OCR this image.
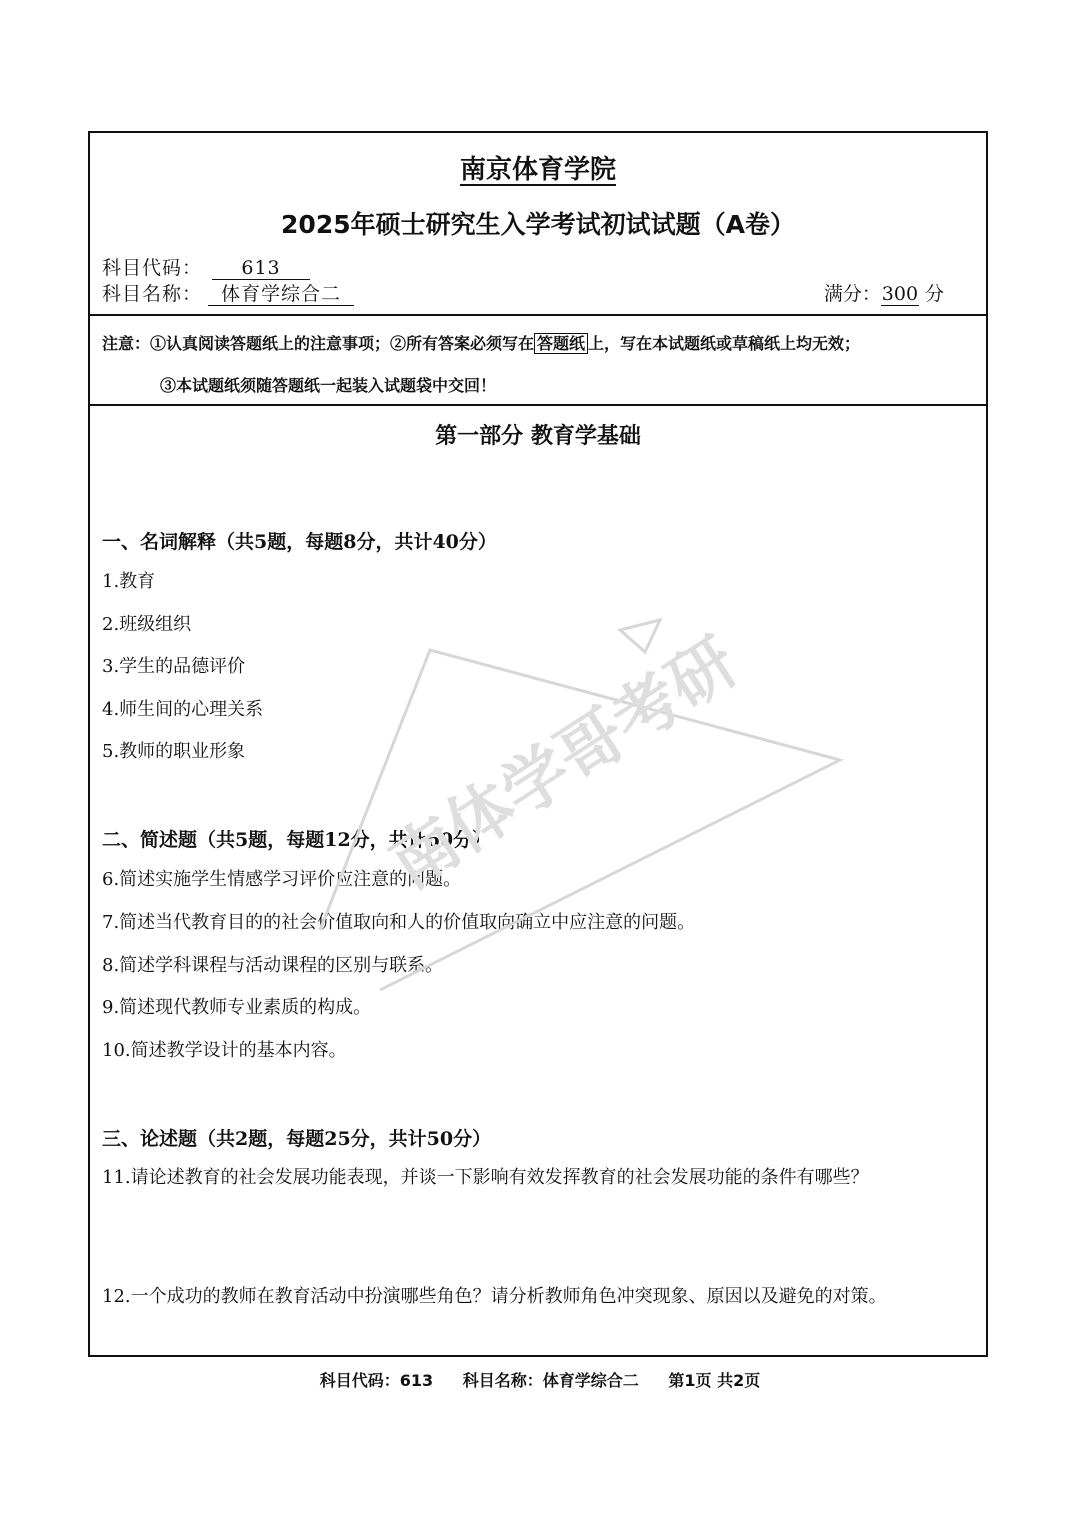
南京体育学院
2025年硕士研究生入学考试初试试题（A卷）
科目代码： 613
科目名称： 体育学综合二	满分：300 分
注意：①认真阅读答题纸上的注意事项；②所有答案必须写在 答题纸 上，写在本试题纸或草稿纸上均无效；
③本试题纸须随答题纸一起装入试题袋中交回！
第一部分 教育学基础
一、名词解释（共5题，每题8分，共计40分）
1.教育
2.班级组织
3.学生的品德评价
4.师生间的心理关系
5.教师的职业形象
二、简述题（共5题，每题12分，共计60分）
6.简述实施学生情感学习评价应注意的问题。
7.简述当代教育目的的社会价值取向和人的价值取向确立中应注意的问题。
8.简述学科课程与活动课程的区别与联系。
9.简述现代教师专业素质的构成。
10.简述教学设计的基本内容。
三、论述题（共2题，每题25分，共计50分）
11.请论述教育的社会发展功能表现，并谈一下影响有效发挥教育的社会发展功能的条件有哪些？
12.一个成功的教师在教育活动中扮演哪些角色？请分析教师角色冲突现象、原因以及避免的对策。
南体学哥考研
科目代码：613 科目名称：体育学综合二 第1页 共2页
